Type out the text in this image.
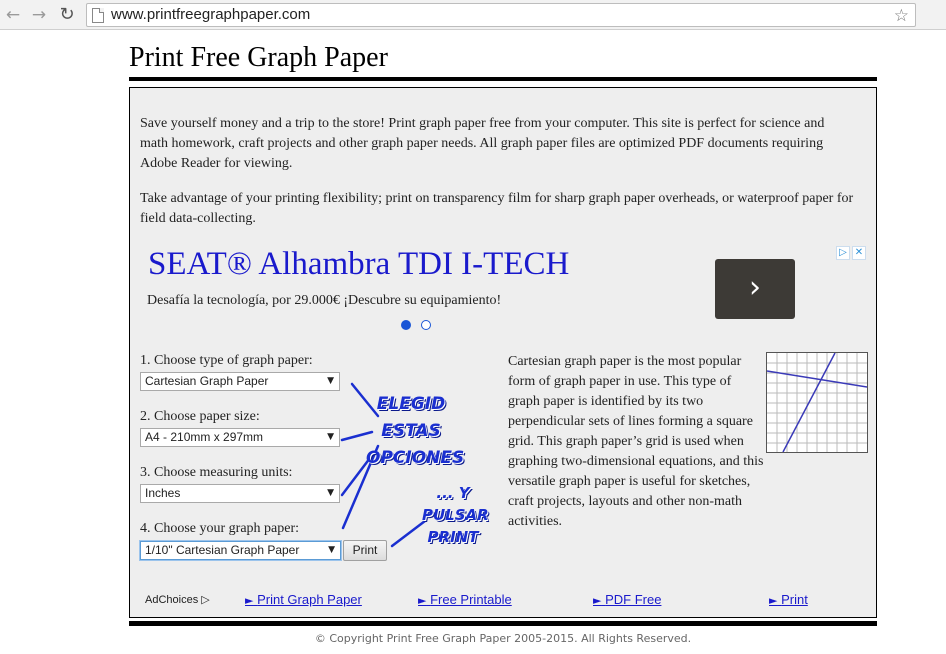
← → ↻ www.printfreegraphpaper.com	☆
Print Free Graph Paper

Save yourself money and a trip to the store! Print graph paper free from your computer. This site is perfect for science and math homework, craft projects and other graph paper needs. All graph paper files are optimized PDF documents requiring Adobe Reader for viewing.

Take advantage of your printing flexibility; print on transparency film for sharp graph paper overheads, or waterproof paper for field data-collecting.

▷ ✕
SEAT® Alhambra TDI I-TECH
Desafía la tecnología, por 29.000€ ¡Descubre su equipamiento!	›
1. Choose type of graph paper:
Cartesian Graph Paper	▼
2. Choose paper size:
A4 - 210mm x 297mm	▼
3. Choose measuring units:
Inches	▼
4. Choose your graph paper:
1/10" Cartesian Graph Paper	▼	Print
ELEGID
ESTAS
OPCIONES
... Y
PULSAR
PRINT

Cartesian graph paper is the most popular form of graph paper in use. This type of graph paper is identified by its two perpendicular sets of lines forming a square grid. This graph paper’s grid is used when graphing two-dimensional equations, and this versatile graph paper is useful for sketches, craft projects, layouts and other non-math activities.

AdChoices ▷	► Print Graph Paper	► Free Printable	► PDF Free	► Print
© Copyright Print Free Graph Paper 2005-2015. All Rights Reserved.
